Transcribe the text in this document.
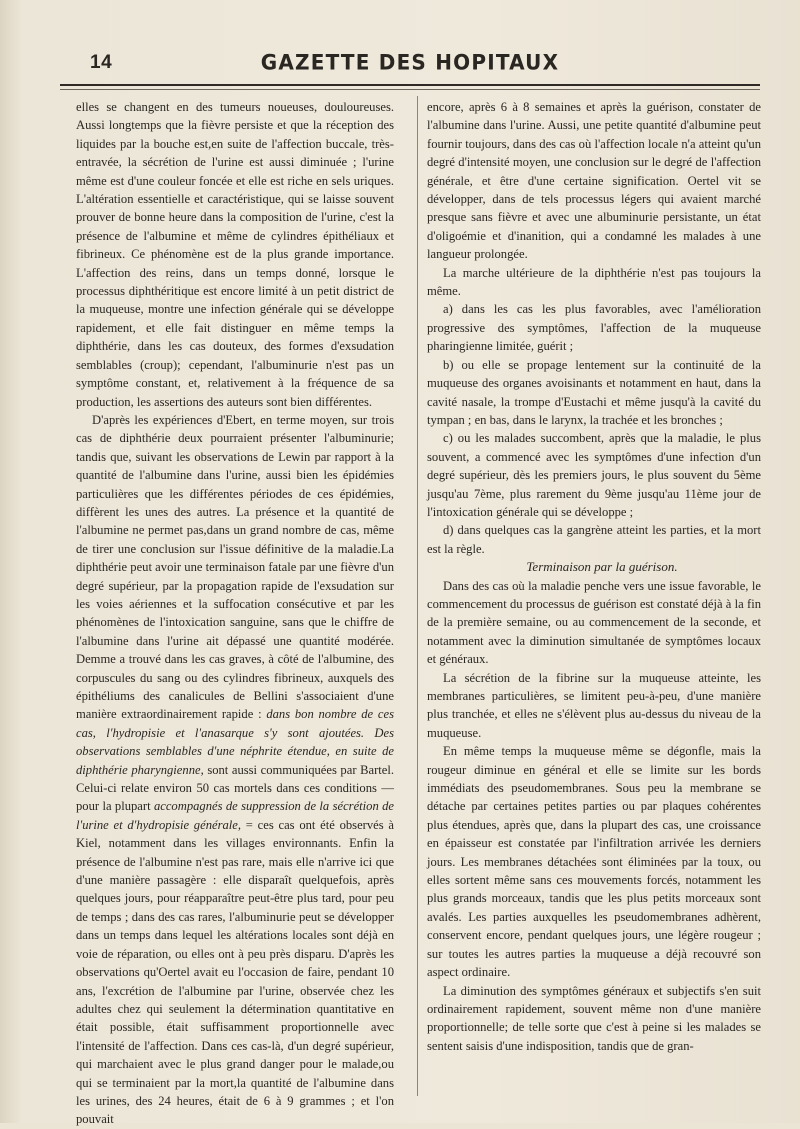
14	GAZETTE DES HOPITAUX

elles se changent en des tumeurs noueuses, douloureuses. Aussi longtemps que la fièvre persiste et que la réception des liquides par la bouche est,en suite de l'affection buccale, très-entravée, la sécrétion de l'urine est aussi diminuée ; l'urine même est d'une couleur foncée et elle est riche en sels uriques. L'altération essentielle et caractéristique, qui se laisse souvent prouver de bonne heure dans la composition de l'urine, c'est la présence de l'albumine et même de cylindres épithéliaux et fibrineux. Ce phénomène est de la plus grande importance. L'affection des reins, dans un temps donné, lorsque le processus diphthéritique est encore limité à un petit district de la muqueuse, montre une infection générale qui se développe rapidement, et elle fait distinguer en même temps la diphthérie, dans les cas douteux, des formes d'exsudation semblables (croup); cependant, l'albuminurie n'est pas un symptôme constant, et, relativement à la fréquence de sa production, les assertions des auteurs sont bien différentes.

D'après les expériences d'Ebert, en terme moyen, sur trois cas de diphthérie deux pourraient présenter l'albuminurie; tandis que, suivant les observations de Lewin par rapport à la quantité de l'albumine dans l'urine, aussi bien les épidémies particulières que les différentes périodes de ces épidémies, diffèrent les unes des autres. La présence et la quantité de l'albumine ne permet pas,dans un grand nombre de cas, même de tirer une conclusion sur l'issue définitive de la maladie.La diphthérie peut avoir une terminaison fatale par une fièvre d'un degré supérieur, par la propagation rapide de l'exsudation sur les voies aériennes et la suffocation consécutive et par les phénomènes de l'intoxication sanguine, sans que le chiffre de l'albumine dans l'urine ait dépassé une quantité modérée. Demme a trouvé dans les cas graves, à côté de l'albumine, des corpuscules du sang ou des cylindres fibrineux, auxquels des épithéliums des canalicules de Bellini s'associaient d'une manière extraordinairement rapide : dans bon nombre de ces cas, l'hydropisie et l'anasarque s'y sont ajoutées. Des observations semblables d'une néphrite étendue, en suite de diphthérie pharyngienne, sont aussi communiquées par Bartel. Celui-ci relate environ 50 cas mortels dans ces conditions — pour la plupart accompagnés de suppression de la sécrétion de l'urine et d'hydropisie générale, = ces cas ont été observés à Kiel, notamment dans les villages environnants. Enfin la présence de l'albumine n'est pas rare, mais elle n'arrive ici que d'une manière passagère : elle disparaît quelquefois, après quelques jours, pour réapparaître peut-être plus tard, pour peu de temps ; dans des cas rares, l'albuminurie peut se développer dans un temps dans lequel les altérations locales sont déjà en voie de réparation, ou elles ont à peu près disparu. D'après les observations qu'Oertel avait eu l'occasion de faire, pendant 10 ans, l'excrétion de l'albumine par l'urine, observée chez les adultes chez qui seulement la détermination quantitative en était possible, était suffisamment proportionnelle avec l'intensité de l'affection. Dans ces cas-là, d'un degré supérieur, qui marchaient avec le plus grand danger pour le malade,ou qui se terminaient par la mort,la quantité de l'albumine dans les urines, des 24 heures, était de 6 à 9 grammes ; et l'on pouvait

encore, après 6 à 8 semaines et après la guérison, constater de l'albumine dans l'urine. Aussi, une petite quantité d'albumine peut fournir toujours, dans des cas où l'affection locale n'a atteint qu'un degré d'intensité moyen, une conclusion sur le degré de l'affection générale, et être d'une certaine signification. Oertel vit se développer, dans de tels processus légers qui avaient marché presque sans fièvre et avec une albuminurie persistante, un état d'oligoémie et d'inanition, qui a condamné les malades à une langueur prolongée.

La marche ultérieure de la diphthérie n'est pas toujours la même.

a) dans les cas les plus favorables, avec l'amélioration progressive des symptômes, l'affection de la muqueuse pharingienne limitée, guérit ;

b) ou elle se propage lentement sur la continuité de la muqueuse des organes avoisinants et notamment en haut, dans la cavité nasale, la trompe d'Eustachi et même jusqu'à la cavité du tympan ; en bas, dans le larynx, la trachée et les bronches ;

c) ou les malades succombent, après que la maladie, le plus souvent, a commencé avec les symptômes d'une infection d'un degré supérieur, dès les premiers jours, le plus souvent du 5ème jusqu'au 7ème, plus rarement du 9ème jusqu'au 11ème jour de l'intoxication générale qui se développe ;

d) dans quelques cas la gangrène atteint les parties, et la mort est la règle.

Terminaison par la guérison.

Dans des cas où la maladie penche vers une issue favorable, le commencement du processus de guérison est constaté déjà à la fin de la première semaine, ou au commencement de la seconde, et notamment avec la diminution simultanée de symptômes locaux et généraux.

La sécrétion de la fibrine sur la muqueuse atteinte, les membranes particulières, se limitent peu-à-peu, d'une manière plus tranchée, et elles ne s'élèvent plus au-dessus du niveau de la muqueuse.

En même temps la muqueuse même se dégonfle, mais la rougeur diminue en général et elle se limite sur les bords immédiats des pseudomembranes. Sous peu la membrane se détache par certaines petites parties ou par plaques cohérentes plus étendues, après que, dans la plupart des cas, une croissance en épaisseur est constatée par l'infiltration arrivée les derniers jours. Les membranes détachées sont éliminées par la toux, ou elles sortent même sans ces mouvements forcés, notamment les plus grands morceaux, tandis que les plus petits morceaux sont avalés. Les parties auxquelles les pseudomembranes adhèrent, conservent encore, pendant quelques jours, une légère rougeur ; sur toutes les autres parties la muqueuse a déjà recouvré son aspect ordinaire.

La diminution des symptômes généraux et subjectifs s'en suit ordinairement rapidement, souvent même non d'une manière proportionnelle; de telle sorte que c'est à peine si les malades se sentent saisis d'une indisposition, tandis que de gran-
